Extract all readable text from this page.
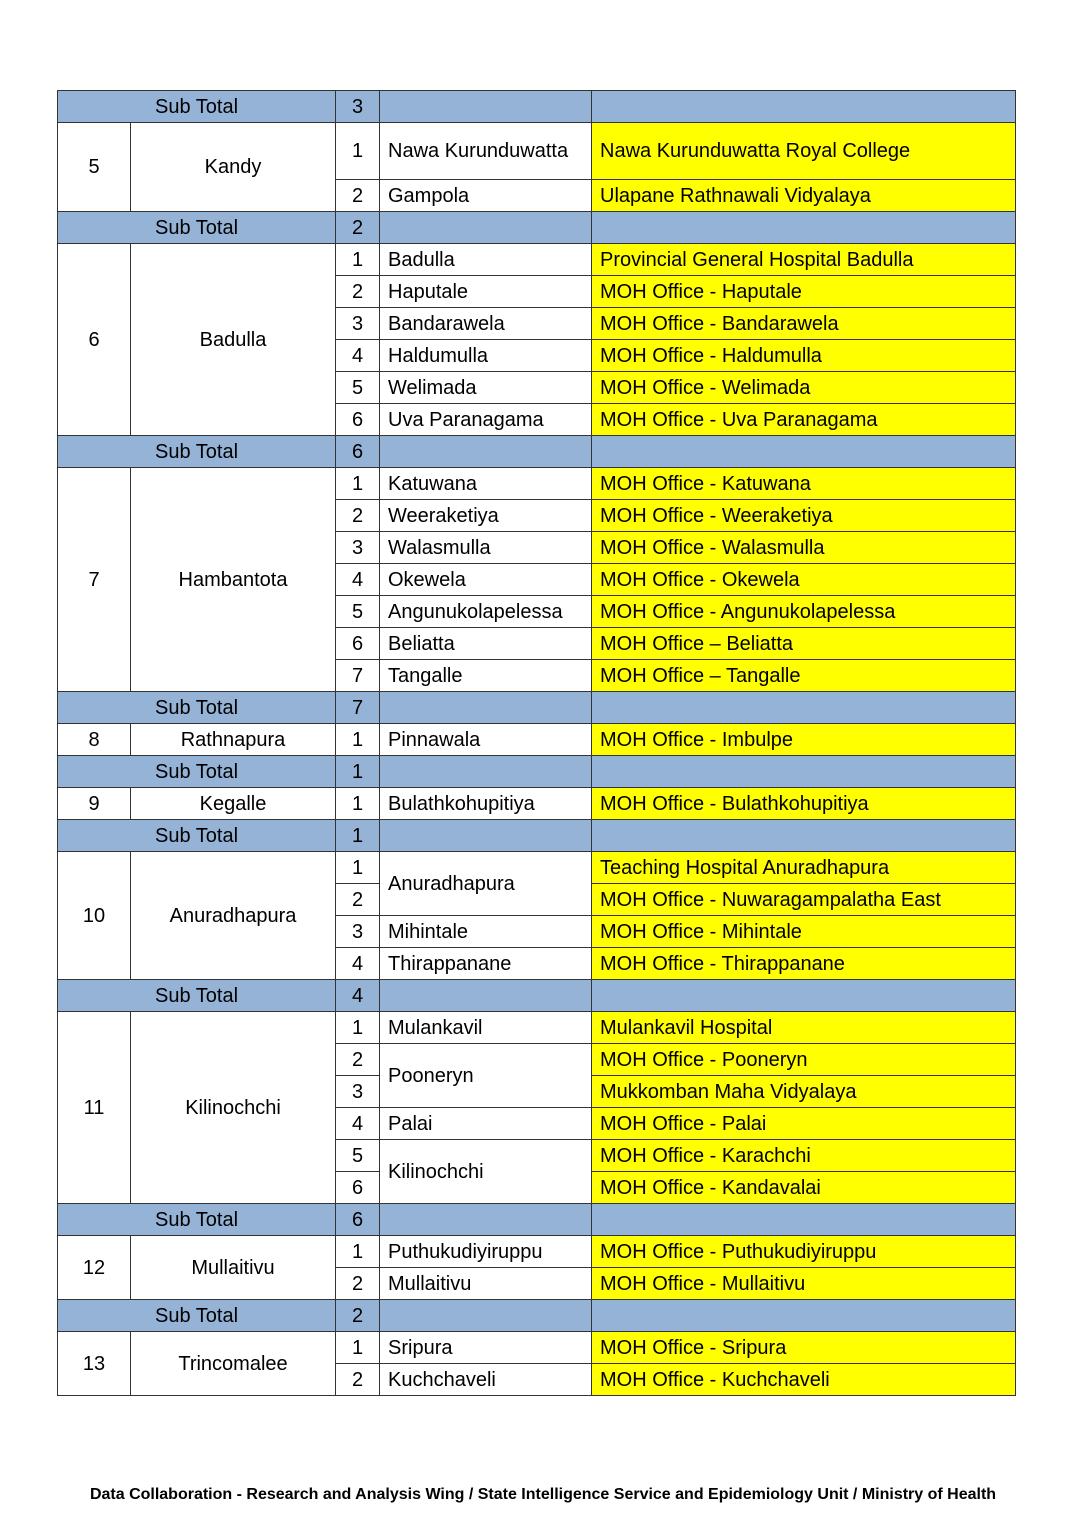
Sub Total		3		
5	Kandy	1	Nawa Kurunduwatta	Nawa Kurunduwatta Royal College
		2	Gampola	Ulapane Rathnawali Vidyalaya
Sub Total		2		
6	Badulla	1	Badulla	Provincial General Hospital Badulla
		2	Haputale	MOH Office - Haputale
		3	Bandarawela	MOH Office - Bandarawela
		4	Haldumulla	MOH Office - Haldumulla
		5	Welimada	MOH Office - Welimada
		6	Uva Paranagama	MOH Office - Uva Paranagama
Sub Total		6		
7	Hambantota	1	Katuwana	MOH Office - Katuwana
		2	Weeraketiya	MOH Office - Weeraketiya
		3	Walasmulla	MOH Office - Walasmulla
		4	Okewela	MOH Office - Okewela
		5	Angunukolapelessa	MOH Office - Angunukolapelessa
		6	Beliatta	MOH Office – Beliatta
		7	Tangalle	MOH Office – Tangalle
Sub Total		7		
8	Rathnapura	1	Pinnawala	MOH Office - Imbulpe
Sub Total		1		
9	Kegalle	1	Bulathkohupitiya	MOH Office - Bulathkohupitiya
Sub Total		1		
10	Anuradhapura	1	Anuradhapura	Teaching Hospital Anuradhapura
		2		MOH Office - Nuwaragampalatha East
		3	Mihintale	MOH Office - Mihintale
		4	Thirappanane	MOH Office - Thirappanane
Sub Total		4		
11	Kilinochchi	1	Mulankavil	Mulankavil Hospital
		2	Pooneryn	MOH Office - Pooneryn
		3		Mukkomban Maha Vidyalaya
		4	Palai	MOH Office - Palai
		5	Kilinochchi	MOH Office - Karachchi
		6		MOH Office - Kandavalai
Sub Total		6		
12	Mullaitivu	1	Puthukudiyiruppu	MOH Office - Puthukudiyiruppu
		2	Mullaitivu	MOH Office - Mullaitivu
Sub Total		2		
13	Trincomalee	1	Sripura	MOH Office - Sripura
		2	Kuchchaveli	MOH Office - Kuchchaveli
Data Collaboration - Research and Analysis Wing / State Intelligence Service and Epidemiology Unit / Ministry of Health
